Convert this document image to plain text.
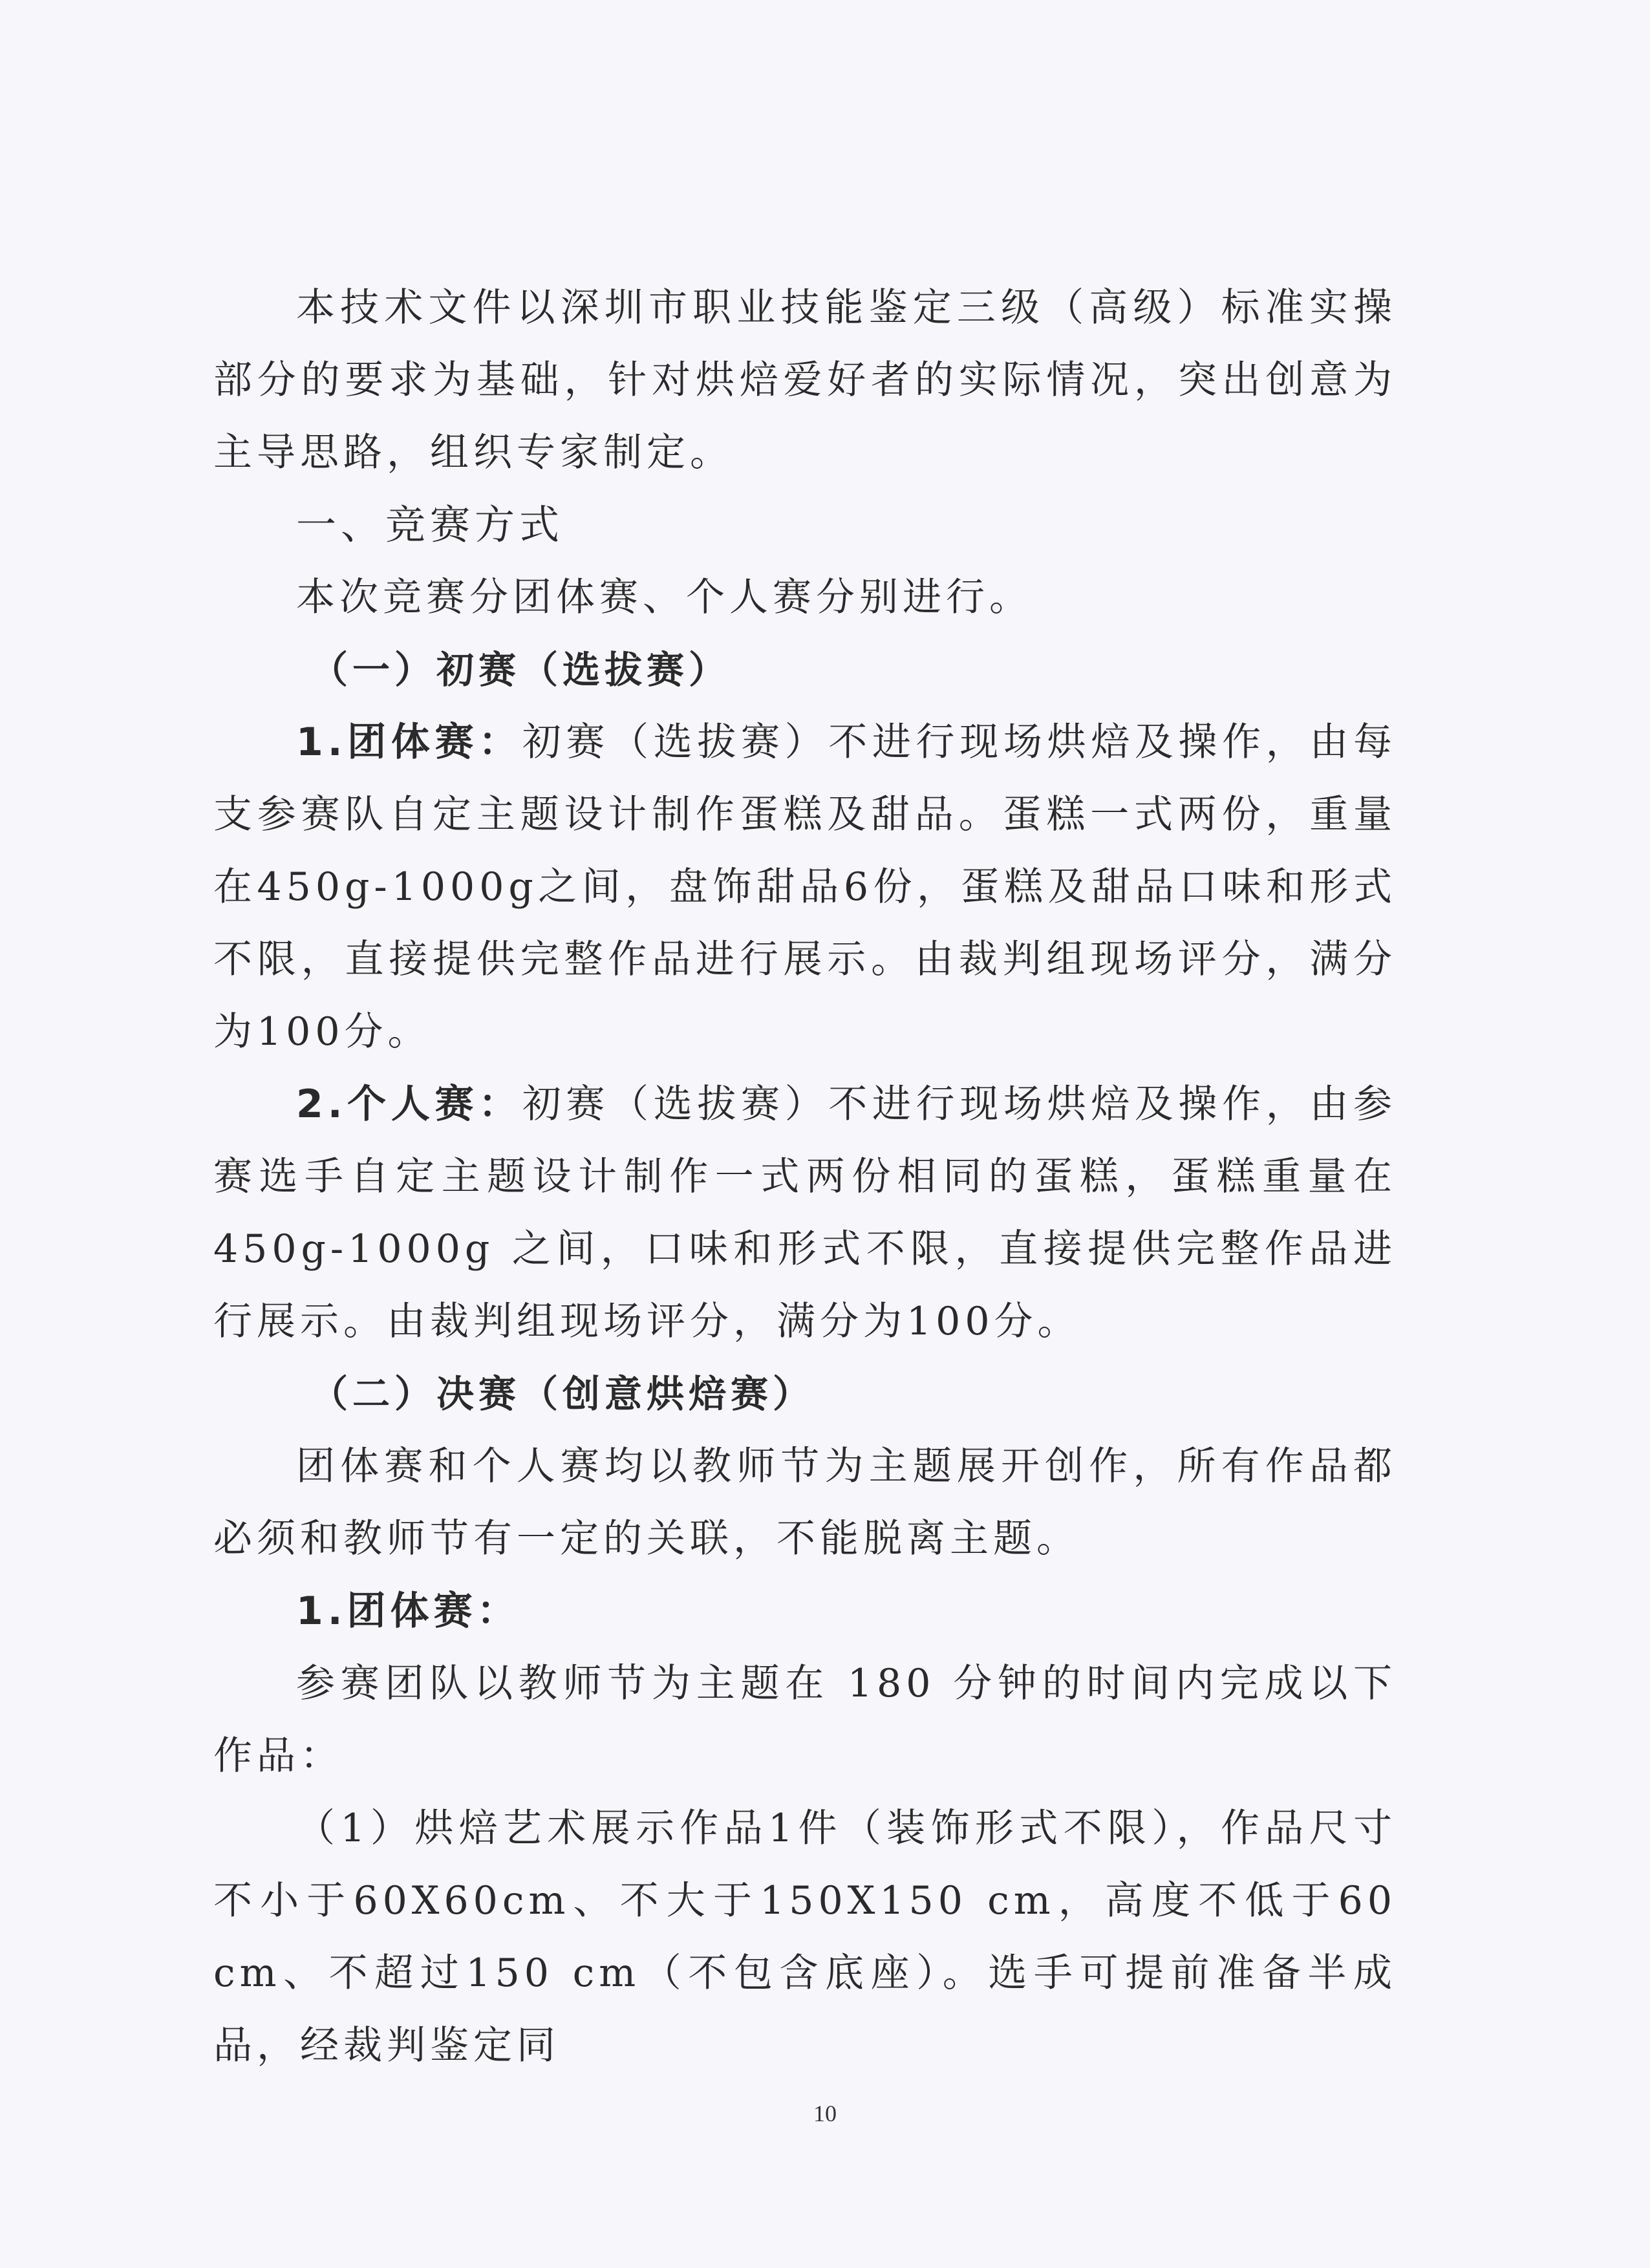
本技术文件以深圳市职业技能鉴定三级（高级）标准实操部分的要求为基础，针对烘焙爱好者的实际情况，突出创意为主导思路，组织专家制定。

一、竞赛方式

本次竞赛分团体赛、个人赛分别进行。

（一）初赛（选拔赛）

1.团体赛：初赛（选拔赛）不进行现场烘焙及操作，由每支参赛队自定主题设计制作蛋糕及甜品。蛋糕一式两份，重量在450g-1000g之间，盘饰甜品6份，蛋糕及甜品口味和形式不限，直接提供完整作品进行展示。由裁判组现场评分，满分为100分。

2.个人赛：初赛（选拔赛）不进行现场烘焙及操作，由参赛选手自定主题设计制作一式两份相同的蛋糕，蛋糕重量在450g-1000g 之间，口味和形式不限，直接提供完整作品进行展示。由裁判组现场评分，满分为100分。

（二）决赛（创意烘焙赛）

团体赛和个人赛均以教师节为主题展开创作，所有作品都必须和教师节有一定的关联，不能脱离主题。

1.团体赛：

参赛团队以教师节为主题在 180 分钟的时间内完成以下作品：

（1）烘焙艺术展示作品1件（装饰形式不限），作品尺寸不小于60X60cm、不大于150X150 cm，高度不低于60 cm、不超过150 cm（不包含底座）。选手可提前准备半成品，经裁判鉴定同

10
